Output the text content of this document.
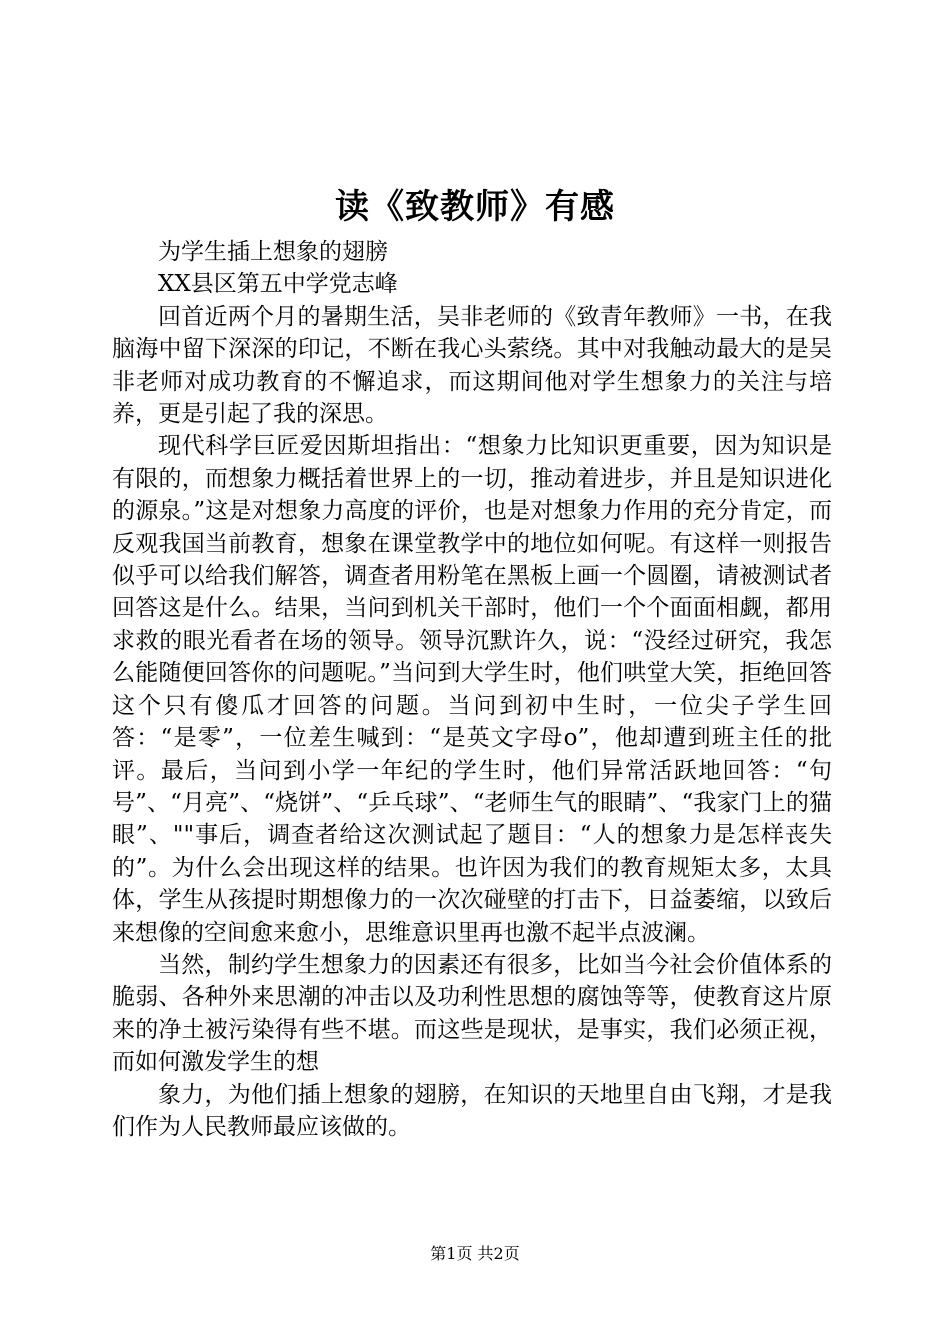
读《致教师》有感

为学生插上想象的翅膀

XX县区第五中学党志峰

回首近两个月的暑期生活，吴非老师的《致青年教师》一书，在我脑海中留下深深的印记，不断在我心头萦绕。其中对我触动最大的是吴非老师对成功教育的不懈追求，而这期间他对学生想象力的关注与培养，更是引起了我的深思。

现代科学巨匠爱因斯坦指出：“想象力比知识更重要，因为知识是有限的，而想象力概括着世界上的一切，推动着进步，并且是知识进化的源泉。”这是对想象力高度的评价，也是对想象力作用的充分肯定，而反观我国当前教育，想象在课堂教学中的地位如何呢。有这样一则报告似乎可以给我们解答，调查者用粉笔在黑板上画一个圆圈，请被测试者回答这是什么。结果，当问到机关干部时，他们一个个面面相觑，都用求救的眼光看者在场的领导。领导沉默许久，说：“没经过研究，我怎么能随便回答你的问题呢。”当问到大学生时，他们哄堂大笑，拒绝回答这个只有傻瓜才回答的问题。当问到初中生时，一位尖子学生回答：“是零”，一位差生喊到：“是英文字母o”，他却遭到班主任的批评。最后，当问到小学一年纪的学生时，他们异常活跃地回答：“句号”、“月亮”、“烧饼”、“乒乓球”、“老师生气的眼睛”、“我家门上的猫眼”、""事后，调查者给这次测试起了题目：“人的想象力是怎样丧失的”。为什么会出现这样的结果。也许因为我们的教育规矩太多，太具体，学生从孩提时期想像力的一次次碰壁的打击下，日益萎缩，以致后来想像的空间愈来愈小，思维意识里再也激不起半点波澜。

当然，制约学生想象力的因素还有很多，比如当今社会价值体系的脆弱、各种外来思潮的冲击以及功利性思想的腐蚀等等，使教育这片原来的净土被污染得有些不堪。而这些是现状，是事实，我们必须正视，而如何激发学生的想

象力，为他们插上想象的翅膀，在知识的天地里自由飞翔，才是我们作为人民教师最应该做的。

第1页 共2页
